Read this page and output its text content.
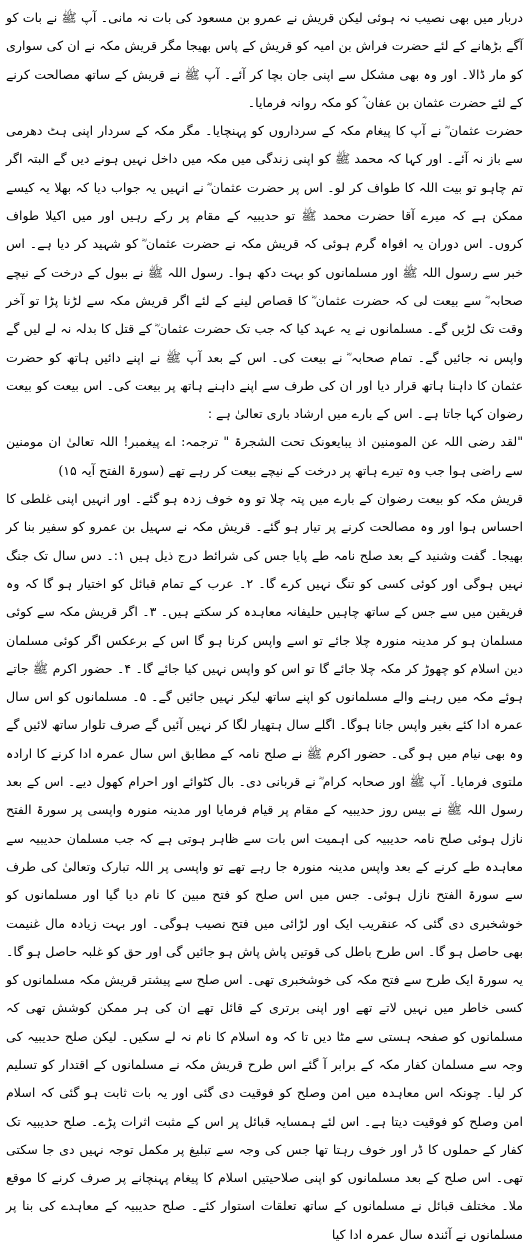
دربار میں بھی نصیب نہ ہوئی لیکن قریش نے عمرو بن مسعود کی بات نہ مانی۔ آپ ﷺ نے بات کو آگے بڑھانے کے لئے حضرت فراش بن امیہ کو قریش کے پاس بھیجا مگر قریش مکہ نے ان کی سواری کو مار ڈالا۔ اور وہ بھی مشکل سے اپنی جان بچا کر آئے۔ آپ ﷺ نے قریش کے ساتھ مصالحت کرنے کے لئے حضرت عثمان بن عفان ؓ کو مکہ روانہ فرمایا۔

حضرت عثمان ؓ نے آپ کا پیغام مکہ کے سرداروں کو پہنچایا۔ مگر مکہ کے سردار اپنی ہٹ دھرمی سے باز نہ آئے۔ اور کہا کہ محمد ﷺ کو اپنی زندگی میں مکہ میں داخل نہیں ہونے دیں گے البتہ اگر تم چاہو تو بیت اللہ کا طواف کر لو۔ اس پر حضرت عثمان ؓ نے انہیں یہ جواب دیا کہ بھلا یہ کیسے ممکن ہے کہ میرے آقا حضرت محمد ﷺ تو حدیبیہ کے مقام پر رکے رہیں اور میں اکیلا طواف کروں۔ اس دوران یہ افواہ گرم ہوئی کہ قریش مکہ نے حضرت عثمان ؓ کو شہید کر دیا ہے۔ اس خبر سے رسول اللہ ﷺ اور مسلمانوں کو بہت دکھ ہوا۔ رسول اللہ ﷺ نے ببول کے درخت کے نیچے صحابہ ؓ سے بیعت لی کہ حضرت عثمان ؓ کا قصاص لینے کے لئے اگر قریش مکہ سے لڑنا پڑا تو آخر وقت تک لڑیں گے۔ مسلمانوں نے یہ عہد کیا کہ جب تک حضرت عثمان ؓ کے قتل کا بدلہ نہ لے لیں گے واپس نہ جائیں گے۔ تمام صحابہ ؓ نے بیعت کی۔ اس کے بعد آپ ﷺ نے اپنے دائیں ہاتھ کو حضرت عثمان کا داہنا ہاتھ قرار دیا اور ان کی طرف سے اپنے داہنے ہاتھ پر بیعت کی۔ اس بیعت کو بیعت رضوان کہا جاتا ہے۔ اس کے بارے میں ارشاد باری تعالیٰ ہے :

"لقد رضی اللہ عن المومنین اذ یبایعونک تحت الشجرۃ " ترجمہ: اے پیغمبر! اللہ تعالیٰ ان مومنین سے راضی ہوا جب وہ تیرے ہاتھ پر درخت کے نیچے بیعت کر رہے تھے (سورۃ الفتح آیہ ۱۵)

قریش مکہ کو بیعت رضوان کے بارے میں پتہ چلا تو وہ خوف زدہ ہو گئے۔ اور انہیں اپنی غلطی کا احساس ہوا اور وہ مصالحت کرنے پر تیار ہو گئے۔ قریش مکہ نے سہیل بن عمرو کو سفیر بنا کر بھیجا۔ گفت وشنید کے بعد صلح نامہ طے پایا جس کی شرائط درج ذیل ہیں ۱:۔ دس سال تک جنگ نہیں ہوگی اور کوئی کسی کو تنگ نہیں کرے گا۔ ۲۔ عرب کے تمام قبائل کو اختیار ہو گا کہ وہ فریقین میں سے جس کے ساتھ چاہیں حلیفانہ معاہدہ کر سکتے ہیں۔ ۳۔ اگر قریش مکہ سے کوئی مسلمان ہو کر مدینہ منورہ چلا جائے تو اسے واپس کرنا ہو گا اس کے برعکس اگر کوئی مسلمان دین اسلام کو چھوڑ کر مکہ چلا جائے گا تو اس کو واپس نہیں کیا جائے گا۔ ۴۔ حضور اکرم ﷺ جاتے ہوئے مکہ میں رہنے والے مسلمانوں کو اپنے ساتھ لیکر نہیں جائیں گے۔ ۵۔ مسلمانوں کو اس سال عمرہ ادا کئے بغیر واپس جانا ہوگا۔ اگلے سال ہتھیار لگا کر نہیں آئیں گے صرف تلوار ساتھ لائیں گے وہ بھی نیام میں ہو گی۔ حضور اکرم ﷺ نے صلح نامہ کے مطابق اس سال عمرہ ادا کرنے کا ارادہ ملتوی فرمایا۔ آپ ﷺ اور صحابہ کرام ؓ نے قربانی دی۔ بال کٹوائے اور احرام کھول دیے۔ اس کے بعد رسول اللہ ﷺ نے بیس روز حدیبیہ کے مقام پر قیام فرمایا اور مدینہ منورہ واپسی پر سورۃ الفتح نازل ہوئی صلح نامہ حدیبیہ کی اہمیت اس بات سے ظاہر ہوتی ہے کہ جب مسلمان حدیبیہ سے معاہدہ طے کرنے کے بعد واپس مدینہ منورہ جا رہے تھے تو واپسی پر اللہ تبارک وتعالیٰ کی طرف سے سورۃ الفتح نازل ہوئی۔ جس میں اس صلح کو فتح مبین کا نام دیا گیا اور مسلمانوں کو خوشخبری دی گئی کہ عنقریب ایک اور لڑائی میں فتح نصیب ہوگی۔ اور بہت زیادہ مال غنیمت بھی حاصل ہو گا۔ اس طرح باطل کی قوتیں پاش پاش ہو جائیں گی اور حق کو غلبہ حاصل ہو گا۔ یہ سورۃ ایک طرح سے فتح مکہ کی خوشخبری تھی۔ اس صلح سے پیشتر قریش مکہ مسلمانوں کو کسی خاطر میں نہیں لاتے تھے اور اپنی برتری کے قائل تھے ان کی ہر ممکن کوشش تھی کہ مسلمانوں کو صفحہ ہستی سے مٹا دیں تا کہ وہ اسلام کا نام نہ لے سکیں۔ لیکن صلح حدیبیہ کی وجہ سے مسلمان کفار مکہ کے برابر آ گئے اس طرح قریش مکہ نے مسلمانوں کے اقتدار کو تسلیم کر لیا۔ چونکہ اس معاہدہ میں امن وصلح کو فوقیت دی گئی اور یہ بات ثابت ہو گئی کہ اسلام امن وصلح کو فوقیت دیتا ہے۔ اس لئے ہمسایہ قبائل پر اس کے مثبت اثرات پڑے۔ صلح حدیبیہ تک کفار کے حملوں کا ڈر اور خوف رہتا تھا جس کی وجہ سے تبلیغ پر مکمل توجہ نہیں دی جا سکتی تھی۔ اس صلح کے بعد مسلمانوں کو اپنی صلاحیتیں اسلام کا پیغام پہنچانے پر صرف کرنے کا موقع ملا۔ مختلف قبائل نے مسلمانوں کے ساتھ تعلقات استوار کئے۔ صلح حدیبیہ کے معاہدے کی بنا پر مسلمانوں نے آئندہ سال عمرہ ادا کیا
